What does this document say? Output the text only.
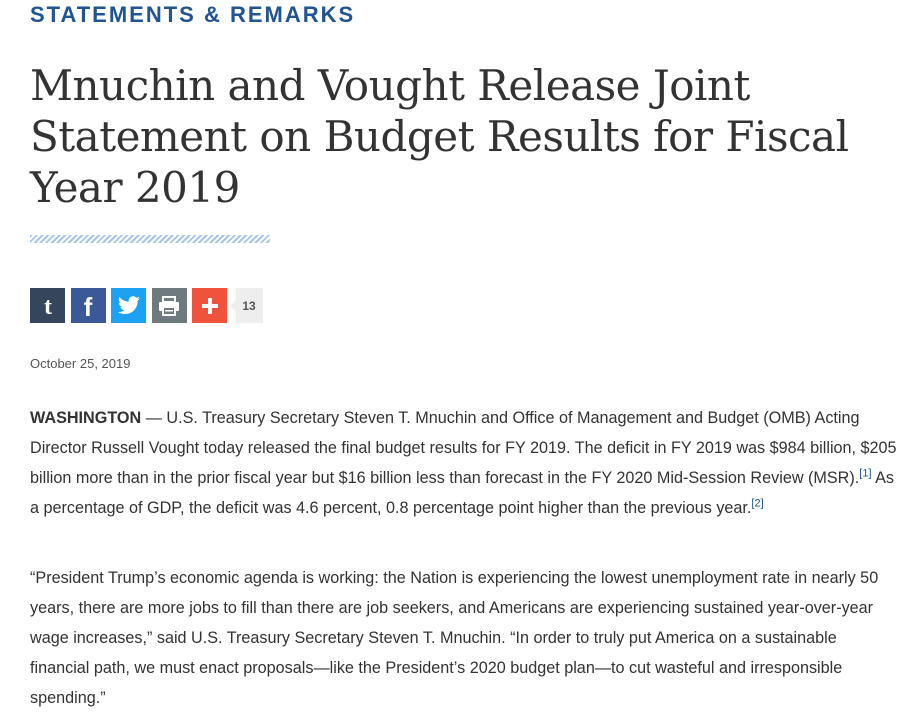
STATEMENTS & REMARKS
Mnuchin and Vought Release Joint Statement on Budget Results for Fiscal Year 2019
t f	13
October 25, 2019

WASHINGTON — U.S. Treasury Secretary Steven T. Mnuchin and Office of Management and Budget (OMB) Acting Director Russell Vought today released the final budget results for FY 2019. The deficit in FY 2019 was $984 billion, $205 billion more than in the prior fiscal year but $16 billion less than forecast in the FY 2020 Mid-Session Review (MSR).[1] As a percentage of GDP, the deficit was 4.6 percent, 0.8 percentage point higher than the previous year.[2]

“President Trump’s economic agenda is working: the Nation is experiencing the lowest unemployment rate in nearly 50 years, there are more jobs to fill than there are job seekers, and Americans are experiencing sustained year-over-year wage increases,” said U.S. Treasury Secretary Steven T. Mnuchin. “In order to truly put America on a sustainable financial path, we must enact proposals—like the President’s 2020 budget plan—to cut wasteful and irresponsible spending.”
